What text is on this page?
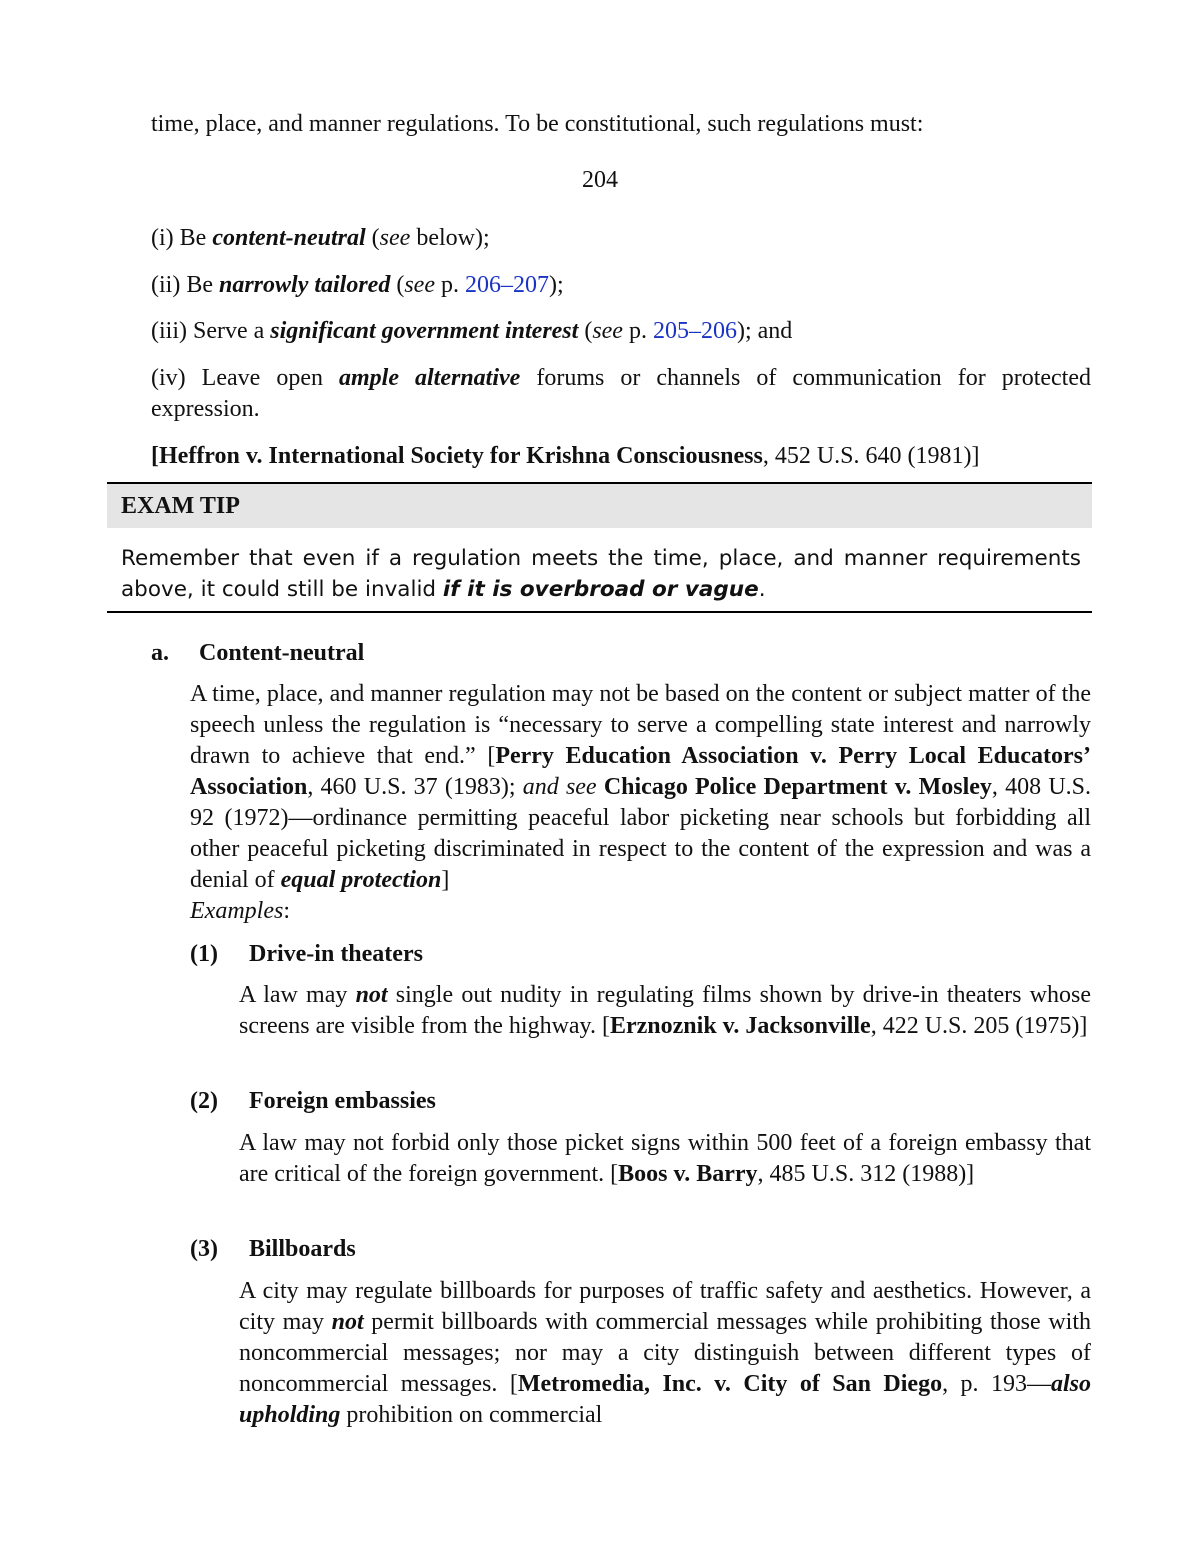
time, place, and manner regulations. To be constitutional, such regulations must:
204
(i) Be content-neutral (see below);
(ii) Be narrowly tailored (see p. 206–207);
(iii) Serve a significant government interest (see p. 205–206); and
(iv) Leave open ample alternative forums or channels of communication for protected expression.
[Heffron v. International Society for Krishna Consciousness, 452 U.S. 640 (1981)]
EXAM TIP
Remember that even if a regulation meets the time, place, and manner requirements above, it could still be invalid if it is overbroad or vague.
a. Content-neutral
A time, place, and manner regulation may not be based on the content or subject matter of the speech unless the regulation is “necessary to serve a compelling state interest and narrowly drawn to achieve that end.” [Perry Education Association v. Perry Local Educators’ Association, 460 U.S. 37 (1983); and see Chicago Police Department v. Mosley, 408 U.S. 92 (1972)—ordinance permitting peaceful labor picketing near schools but forbidding all other peaceful picketing discriminated in respect to the content of the expression and was a denial of equal protection]
Examples:
(1) Drive-in theaters
A law may not single out nudity in regulating films shown by drive-in theaters whose screens are visible from the highway. [Erznoznik v. Jacksonville, 422 U.S. 205 (1975)]
(2) Foreign embassies
A law may not forbid only those picket signs within 500 feet of a foreign embassy that are critical of the foreign government. [Boos v. Barry, 485 U.S. 312 (1988)]
(3) Billboards
A city may regulate billboards for purposes of traffic safety and aesthetics. However, a city may not permit billboards with commercial messages while prohibiting those with noncommercial messages; nor may a city distinguish between different types of noncommercial messages. [Metromedia, Inc. v. City of San Diego, p. 193—also upholding prohibition on commercial
